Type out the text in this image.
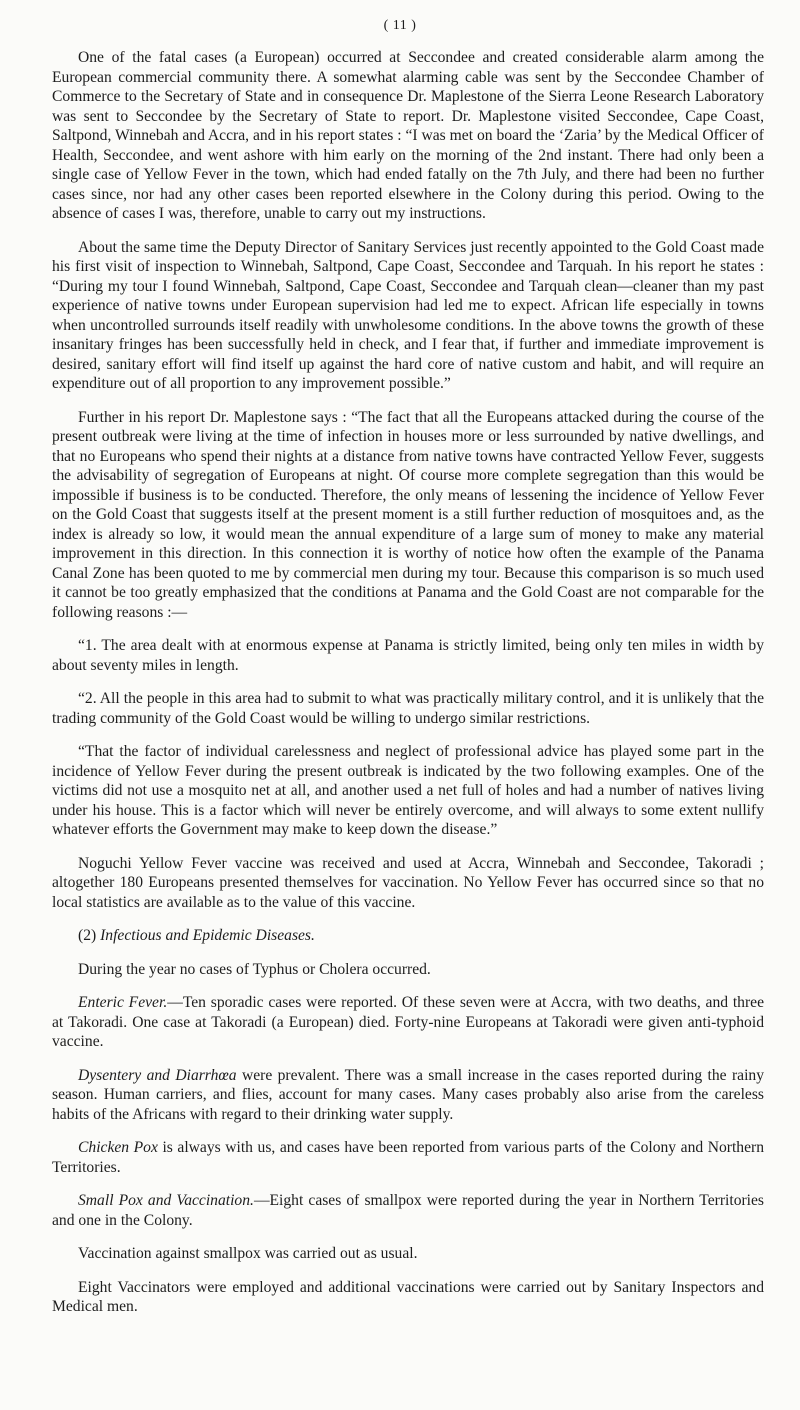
( 11 )

One of the fatal cases (a European) occurred at Seccondee and created considerable alarm among the European commercial community there. A somewhat alarming cable was sent by the Seccondee Chamber of Commerce to the Secretary of State and in consequence Dr. Maplestone of the Sierra Leone Research Laboratory was sent to Seccondee by the Secretary of State to report. Dr. Maplestone visited Seccondee, Cape Coast, Saltpond, Winnebah and Accra, and in his report states : “I was met on board the ‘Zaria’ by the Medical Officer of Health, Seccondee, and went ashore with him early on the morning of the 2nd instant. There had only been a single case of Yellow Fever in the town, which had ended fatally on the 7th July, and there had been no further cases since, nor had any other cases been reported elsewhere in the Colony during this period. Owing to the absence of cases I was, therefore, unable to carry out my instructions.

About the same time the Deputy Director of Sanitary Services just recently appointed to the Gold Coast made his first visit of inspection to Winnebah, Saltpond, Cape Coast, Seccondee and Tarquah. In his report he states : “During my tour I found Winnebah, Saltpond, Cape Coast, Seccondee and Tarquah clean—cleaner than my past experience of native towns under European supervision had led me to expect. African life especially in towns when uncontrolled surrounds itself readily with unwholesome conditions. In the above towns the growth of these insanitary fringes has been successfully held in check, and I fear that, if further and immediate improvement is desired, sanitary effort will find itself up against the hard core of native custom and habit, and will require an expenditure out of all proportion to any improvement possible.”

Further in his report Dr. Maplestone says : “The fact that all the Europeans attacked during the course of the present outbreak were living at the time of infection in houses more or less surrounded by native dwellings, and that no Europeans who spend their nights at a distance from native towns have contracted Yellow Fever, suggests the advisability of segregation of Europeans at night. Of course more complete segregation than this would be impossible if business is to be conducted. Therefore, the only means of lessening the incidence of Yellow Fever on the Gold Coast that suggests itself at the present moment is a still further reduction of mosquitoes and, as the index is already so low, it would mean the annual expenditure of a large sum of money to make any material improvement in this direction. In this connection it is worthy of notice how often the example of the Panama Canal Zone has been quoted to me by commercial men during my tour. Because this comparison is so much used it cannot be too greatly emphasized that the conditions at Panama and the Gold Coast are not comparable for the following reasons :—

“1. The area dealt with at enormous expense at Panama is strictly limited, being only ten miles in width by about seventy miles in length.

“2. All the people in this area had to submit to what was practically military control, and it is unlikely that the trading community of the Gold Coast would be willing to undergo similar restrictions.

“That the factor of individual carelessness and neglect of professional advice has played some part in the incidence of Yellow Fever during the present outbreak is indicated by the two following examples. One of the victims did not use a mosquito net at all, and another used a net full of holes and had a number of natives living under his house. This is a factor which will never be entirely overcome, and will always to some extent nullify whatever efforts the Government may make to keep down the disease.”

Noguchi Yellow Fever vaccine was received and used at Accra, Winnebah and Seccondee, Takoradi ; altogether 180 Europeans presented themselves for vaccination. No Yellow Fever has occurred since so that no local statistics are available as to the value of this vaccine.

(2) Infectious and Epidemic Diseases.

During the year no cases of Typhus or Cholera occurred.

Enteric Fever.—Ten sporadic cases were reported. Of these seven were at Accra, with two deaths, and three at Takoradi. One case at Takoradi (a European) died. Forty-nine Europeans at Takoradi were given anti-typhoid vaccine.

Dysentery and Diarrhœa were prevalent. There was a small increase in the cases reported during the rainy season. Human carriers, and flies, account for many cases. Many cases probably also arise from the careless habits of the Africans with regard to their drinking water supply.

Chicken Pox is always with us, and cases have been reported from various parts of the Colony and Northern Territories.

Small Pox and Vaccination.—Eight cases of smallpox were reported during the year in Northern Territories and one in the Colony.

Vaccination against smallpox was carried out as usual.

Eight Vaccinators were employed and additional vaccinations were carried out by Sanitary Inspectors and Medical men.
